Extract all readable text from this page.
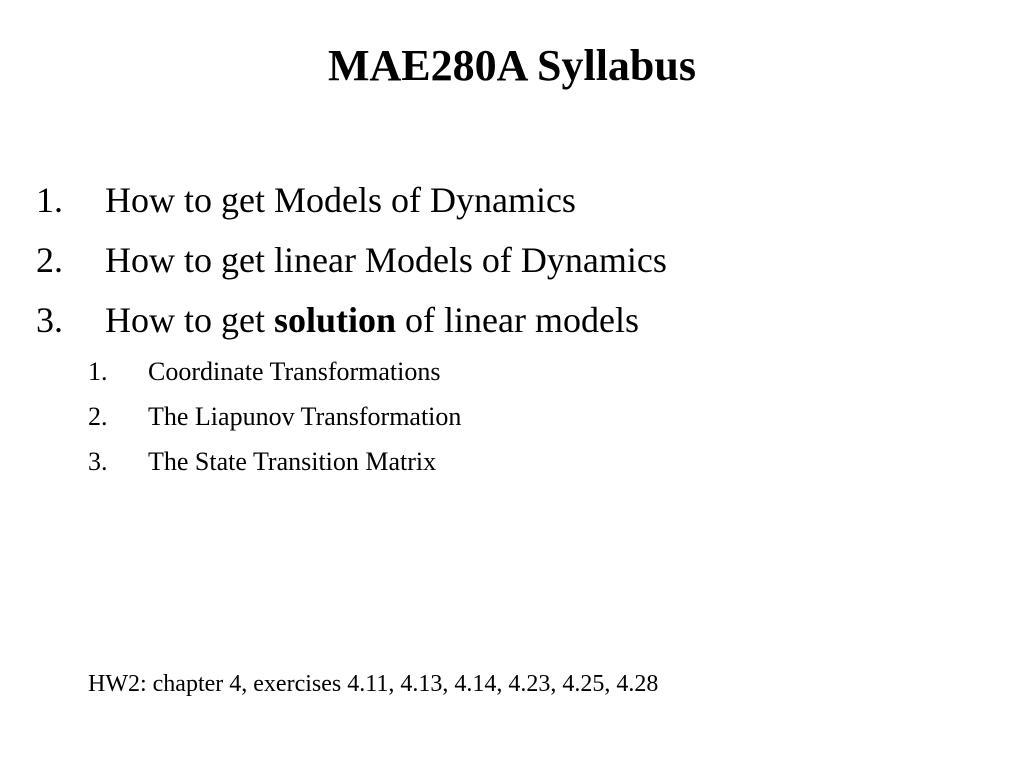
MAE280A Syllabus
1. How to get Models of Dynamics
2. How to get linear Models of Dynamics
3. How to get solution of linear models
1. Coordinate Transformations
2. The Liapunov Transformation
3. The State Transition Matrix
HW2: chapter 4, exercises 4.11, 4.13, 4.14, 4.23, 4.25, 4.28
